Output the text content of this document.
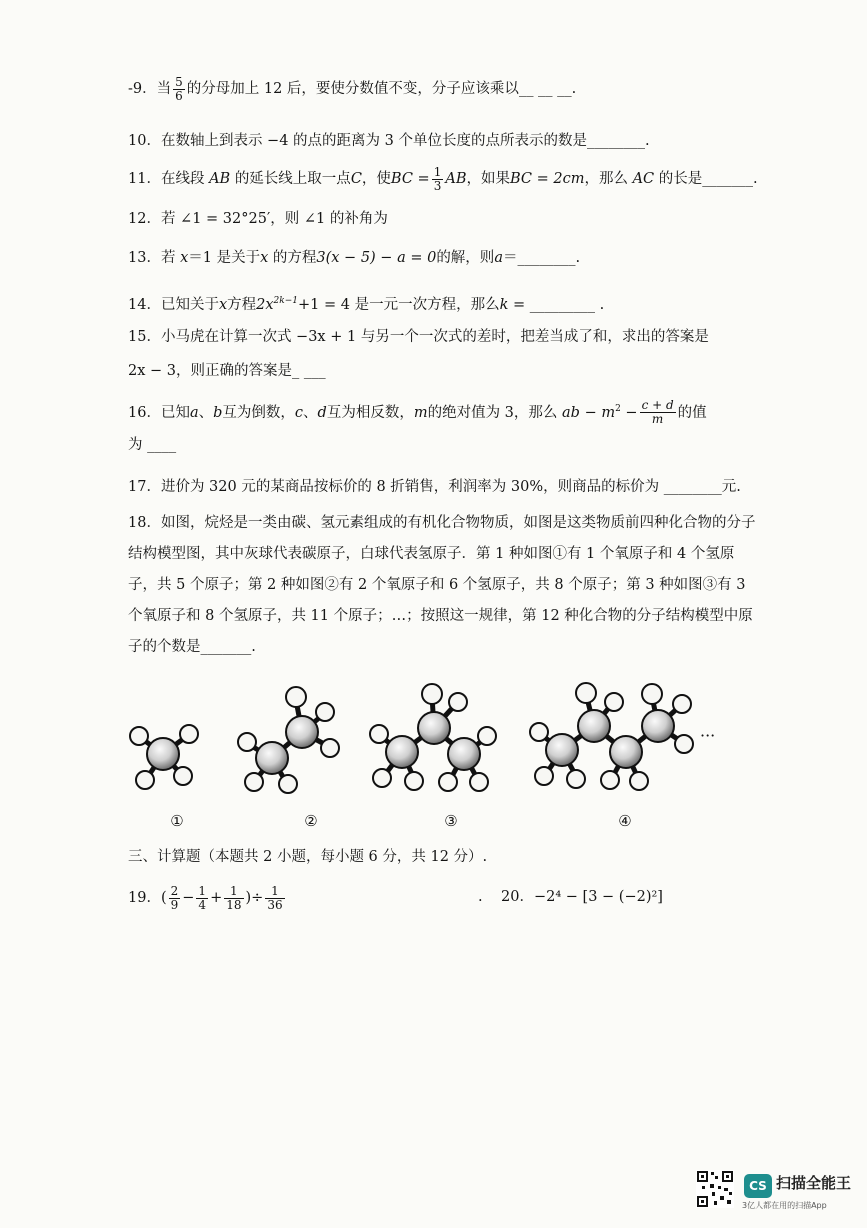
-9．当 $\frac{5}{6}$ 的分母加上 12 后，要使分数值不变，分子应该乘以__ __ __.
10．在数轴上到表示 −4 的点的距离为 3 个单位长度的点所表示的数是________.
11．在线段 AB 的延长线上取一点C，使BC = $\frac{1}{3}$ AB，如果BC = 2cm，那么 AC 的长是_______.
12．若 ∠1 = 32°25′，则 ∠1 的补角为
13．若 x＝1 是关于x 的方程3(x − 5) − a = 0的解，则a＝________.
14．已知关于x方程$2x^{2k-1}+1 = 4$ 是一元一次方程，那么k = _________ .
15．小马虎在计算一次式 −3x + 1 与另一个一次式的差时，把差当成了和，求出的答案是
2x − 3，则正确的答案是_ ___
16．已知a、b互为倒数，c、d互为相反数，m的绝对值为 3，那么 ab − $m^2 - \frac{c + d}{m}$ 的值
为 ____
17．进价为 320 元的某商品按标价的 8 折销售，利润率为 30%，则商品的标价为 ________元.
18．如图，烷烃是一类由碳、氢元素组成的有机化合物物质，如图是这类物质前四种化合物的分子结构模型图，其中灰球代表碳原子，白球代表氢原子．第 1 种如图①有 1 个氧原子和 4 个氢原子，共 5 个原子；第 2 种如图②有 2 个氧原子和 6 个氢原子，共 8 个原子；第 3 种如图③有 3 个氧原子和 8 个氢原子，共 11 个原子；…；按照这一规律，第 12 种化合物的分子结构模型中原子的个数是_______.
···
①	②	③	④
三、计算题（本题共 2 小题，每小题 6 分，共 12 分）.
19．( $\frac{2}{9} - \frac{1}{4} + \frac{1}{18}$ )÷ $\frac{1}{36}$	. 20．−2⁴ − [3 − (−2)²]
CS 扫描全能王
3亿人都在用的扫描App
